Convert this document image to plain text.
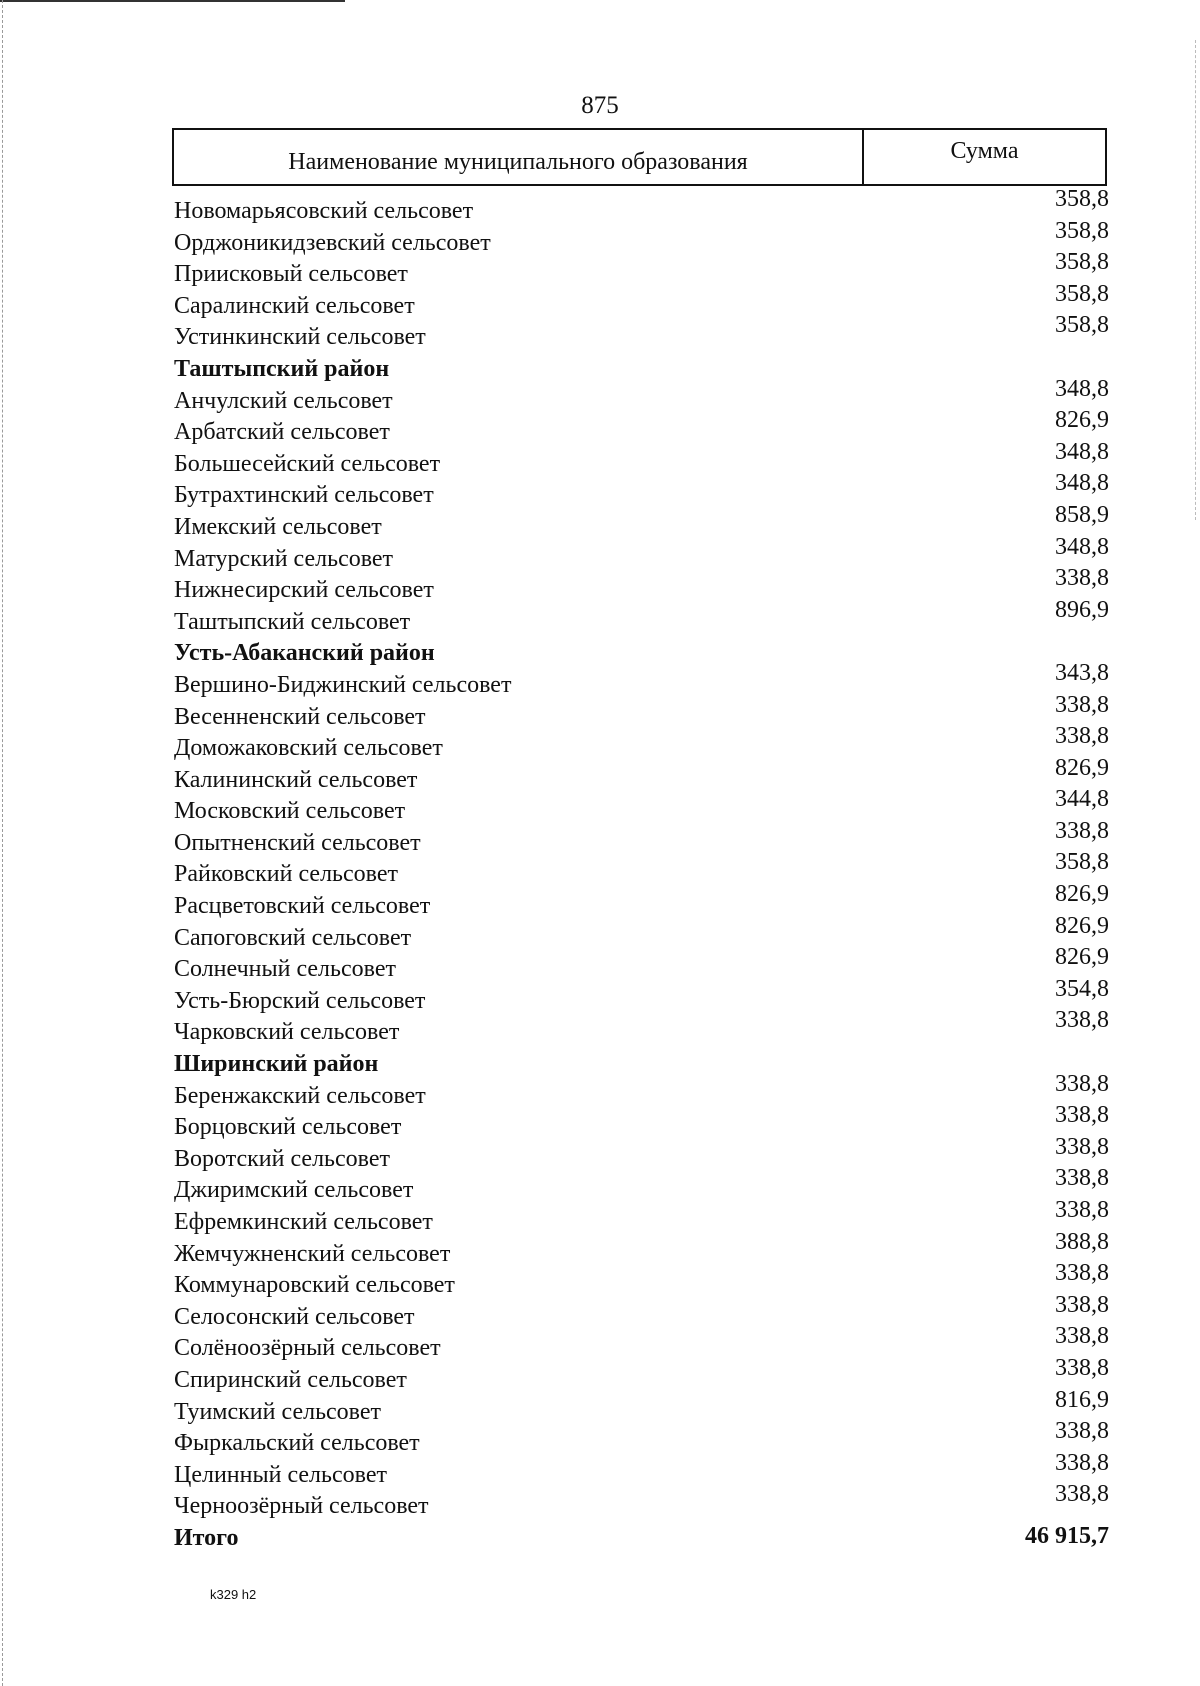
875
Наименование муниципального образования	Сумма
Новомарьясовский сельсовет	358,8
Орджоникидзевский сельсовет	358,8
Приисковый сельсовет	358,8
Саралинский сельсовет	358,8
Устинкинский сельсовет	358,8
Таштыпский район
Анчулский сельсовет	348,8
Арбатский сельсовет	826,9
Большесейский сельсовет	348,8
Бутрахтинский сельсовет	348,8
Имекский сельсовет	858,9
Матурский сельсовет	348,8
Нижнесирский сельсовет	338,8
Таштыпский сельсовет	896,9
Усть-Абаканский район
Вершино-Биджинский сельсовет	343,8
Весенненский сельсовет	338,8
Доможаковский сельсовет	338,8
Калининский сельсовет	826,9
Московский сельсовет	344,8
Опытненский сельсовет	338,8
Райковский сельсовет	358,8
Расцветовский сельсовет	826,9
Сапоговский сельсовет	826,9
Солнечный сельсовет	826,9
Усть-Бюрский сельсовет	354,8
Чарковский сельсовет	338,8
Ширинский район
Беренжакский сельсовет	338,8
Борцовский сельсовет	338,8
Воротский сельсовет	338,8
Джиримский сельсовет	338,8
Ефремкинский сельсовет	338,8
Жемчужненский сельсовет	388,8
Коммунаровский сельсовет	338,8
Селосонский сельсовет	338,8
Солёноозёрный сельсовет	338,8
Спиринский сельсовет	338,8
Туимский сельсовет	816,9
Фыркальский сельсовет	338,8
Целинный сельсовет	338,8
Черноозёрный сельсовет	338,8
Итого	46 915,7
k329 h2
